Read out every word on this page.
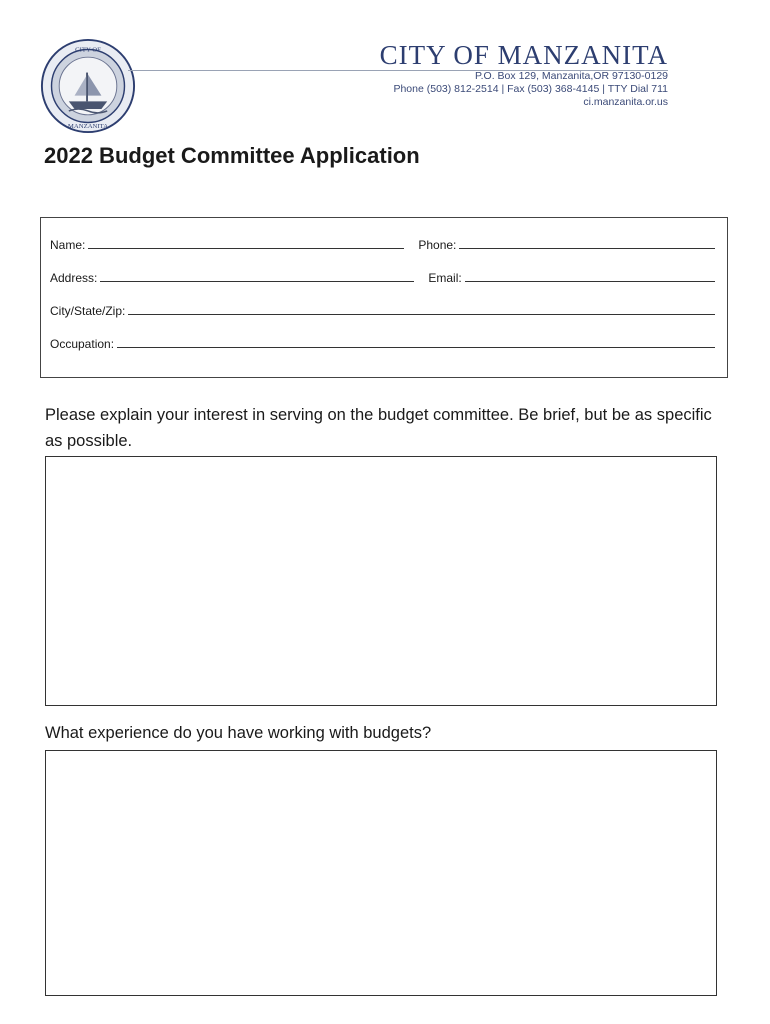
CITY OF
MANZANITA
CITY OF MANZANITA
P.O. Box 129, Manzanita,OR 97130-0129
Phone (503) 812-2514 | Fax (503) 368-4145 | TTY Dial 711
ci.manzanita.or.us
2022 Budget Committee Application
Name:	Phone:
Address:	Email:
City/State/Zip:
Occupation:

Please explain your interest in serving on the budget committee. Be brief, but be as specific as possible.

What experience do you have working with budgets?
